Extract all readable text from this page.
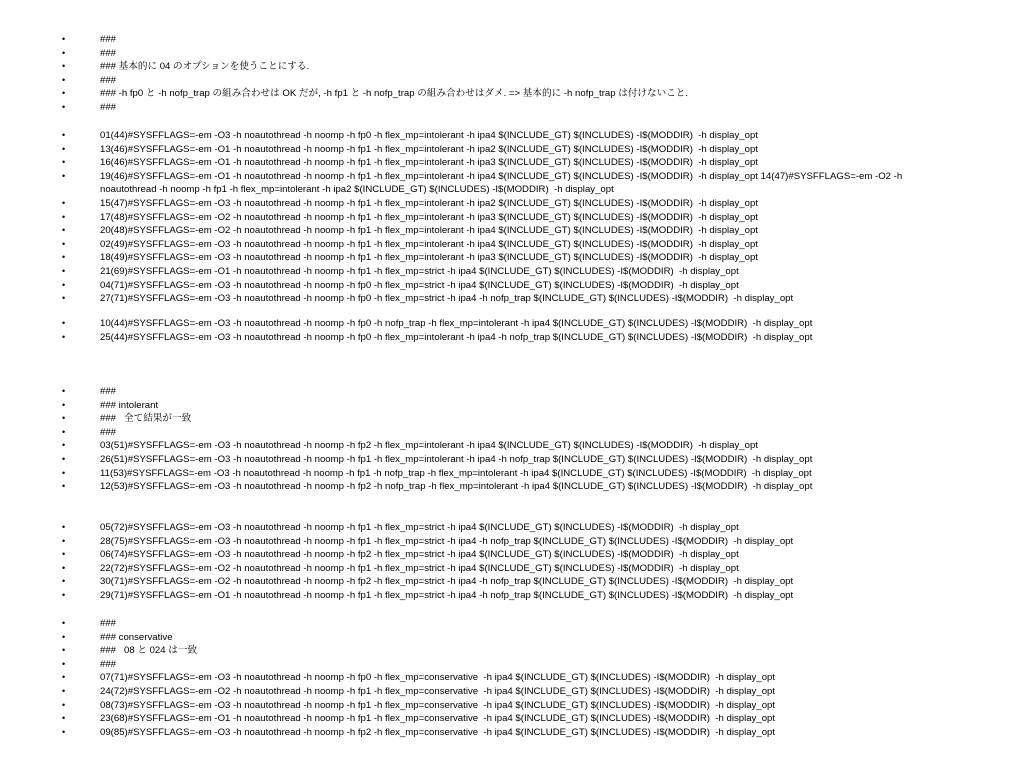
• ###
• ###
• ### 基本的に 04 のオプションを使うことにする.
• ###
• ### -h fp0 と -h nofp_trap の組み合わせは OK だが, -h fp1 と -h nofp_trap の組み合わせはダメ. => 基本的に -h nofp_trap は付けないこと.
• ###
• 01(44)#SYSFFLAGS=-em -O3 -h noautothread -h noomp -h fp0 -h flex_mp=intolerant -h ipa4 $(INCLUDE_GT) $(INCLUDES) -I$(MODDIR)  -h display_opt
• 13(46)#SYSFFLAGS=-em -O1 -h noautothread -h noomp -h fp1 -h flex_mp=intolerant -h ipa2 $(INCLUDE_GT) $(INCLUDES) -I$(MODDIR)  -h display_opt
• 16(46)#SYSFFLAGS=-em -O1 -h noautothread -h noomp -h fp1 -h flex_mp=intolerant -h ipa3 $(INCLUDE_GT) $(INCLUDES) -I$(MODDIR)  -h display_opt
• 19(46)#SYSFFLAGS=-em -O1 -h noautothread -h noomp -h fp1 -h flex_mp=intolerant -h ipa4 $(INCLUDE_GT) $(INCLUDES) -I$(MODDIR)  -h display_opt 14(47)#SYSFFLAGS=-em -O2 -h noautothread -h noomp -h fp1 -h flex_mp=intolerant -h ipa2 $(INCLUDE_GT) $(INCLUDES) -I$(MODDIR)  -h display_opt
• 15(47)#SYSFFLAGS=-em -O3 -h noautothread -h noomp -h fp1 -h flex_mp=intolerant -h ipa2 $(INCLUDE_GT) $(INCLUDES) -I$(MODDIR)  -h display_opt
• 17(48)#SYSFFLAGS=-em -O2 -h noautothread -h noomp -h fp1 -h flex_mp=intolerant -h ipa3 $(INCLUDE_GT) $(INCLUDES) -I$(MODDIR)  -h display_opt
• 20(48)#SYSFFLAGS=-em -O2 -h noautothread -h noomp -h fp1 -h flex_mp=intolerant -h ipa4 $(INCLUDE_GT) $(INCLUDES) -I$(MODDIR)  -h display_opt
• 02(49)#SYSFFLAGS=-em -O3 -h noautothread -h noomp -h fp1 -h flex_mp=intolerant -h ipa4 $(INCLUDE_GT) $(INCLUDES) -I$(MODDIR)  -h display_opt
• 18(49)#SYSFFLAGS=-em -O3 -h noautothread -h noomp -h fp1 -h flex_mp=intolerant -h ipa3 $(INCLUDE_GT) $(INCLUDES) -I$(MODDIR)  -h display_opt
• 21(69)#SYSFFLAGS=-em -O1 -h noautothread -h noomp -h fp1 -h flex_mp=strict -h ipa4 $(INCLUDE_GT) $(INCLUDES) -I$(MODDIR)  -h display_opt
• 04(71)#SYSFFLAGS=-em -O3 -h noautothread -h noomp -h fp0 -h flex_mp=strict -h ipa4 $(INCLUDE_GT) $(INCLUDES) -I$(MODDIR)  -h display_opt
• 27(71)#SYSFFLAGS=-em -O3 -h noautothread -h noomp -h fp0 -h flex_mp=strict -h ipa4 -h nofp_trap $(INCLUDE_GT) $(INCLUDES) -I$(MODDIR)  -h display_opt
• 10(44)#SYSFFLAGS=-em -O3 -h noautothread -h noomp -h fp0 -h nofp_trap -h flex_mp=intolerant -h ipa4 $(INCLUDE_GT) $(INCLUDES) -I$(MODDIR)  -h display_opt
• 25(44)#SYSFFLAGS=-em -O3 -h noautothread -h noomp -h fp0 -h flex_mp=intolerant -h ipa4 -h nofp_trap $(INCLUDE_GT) $(INCLUDES) -I$(MODDIR)  -h display_opt
• ###
• ### intolerant
• ###   全て結果が一致
• ###
• 03(51)#SYSFFLAGS=-em -O3 -h noautothread -h noomp -h fp2 -h flex_mp=intolerant -h ipa4 $(INCLUDE_GT) $(INCLUDES) -I$(MODDIR)  -h display_opt
• 26(51)#SYSFFLAGS=-em -O3 -h noautothread -h noomp -h fp1 -h flex_mp=intolerant -h ipa4 -h nofp_trap $(INCLUDE_GT) $(INCLUDES) -I$(MODDIR)  -h display_opt
• 11(53)#SYSFFLAGS=-em -O3 -h noautothread -h noomp -h fp1 -h nofp_trap -h flex_mp=intolerant -h ipa4 $(INCLUDE_GT) $(INCLUDES) -I$(MODDIR)  -h display_opt
• 12(53)#SYSFFLAGS=-em -O3 -h noautothread -h noomp -h fp2 -h nofp_trap -h flex_mp=intolerant -h ipa4 $(INCLUDE_GT) $(INCLUDES) -I$(MODDIR)  -h display_opt
• 05(72)#SYSFFLAGS=-em -O3 -h noautothread -h noomp -h fp1 -h flex_mp=strict -h ipa4 $(INCLUDE_GT) $(INCLUDES) -I$(MODDIR)  -h display_opt
• 28(75)#SYSFFLAGS=-em -O3 -h noautothread -h noomp -h fp1 -h flex_mp=strict -h ipa4 -h nofp_trap $(INCLUDE_GT) $(INCLUDES) -I$(MODDIR)  -h display_opt
• 06(74)#SYSFFLAGS=-em -O3 -h noautothread -h noomp -h fp2 -h flex_mp=strict -h ipa4 $(INCLUDE_GT) $(INCLUDES) -I$(MODDIR)  -h display_opt
• 22(72)#SYSFFLAGS=-em -O2 -h noautothread -h noomp -h fp1 -h flex_mp=strict -h ipa4 $(INCLUDE_GT) $(INCLUDES) -I$(MODDIR)  -h display_opt
• 30(71)#SYSFFLAGS=-em -O2 -h noautothread -h noomp -h fp2 -h flex_mp=strict -h ipa4 -h nofp_trap $(INCLUDE_GT) $(INCLUDES) -I$(MODDIR)  -h display_opt
• 29(71)#SYSFFLAGS=-em -O1 -h noautothread -h noomp -h fp1 -h flex_mp=strict -h ipa4 -h nofp_trap $(INCLUDE_GT) $(INCLUDES) -I$(MODDIR)  -h display_opt
• ###
• ### conservative
• ###   08 と 024 は一致
• ###
• 07(71)#SYSFFLAGS=-em -O3 -h noautothread -h noomp -h fp0 -h flex_mp=conservative  -h ipa4 $(INCLUDE_GT) $(INCLUDES) -I$(MODDIR)  -h display_opt
• 24(72)#SYSFFLAGS=-em -O2 -h noautothread -h noomp -h fp1 -h flex_mp=conservative  -h ipa4 $(INCLUDE_GT) $(INCLUDES) -I$(MODDIR)  -h display_opt
• 08(73)#SYSFFLAGS=-em -O3 -h noautothread -h noomp -h fp1 -h flex_mp=conservative  -h ipa4 $(INCLUDE_GT) $(INCLUDES) -I$(MODDIR)  -h display_opt
• 23(68)#SYSFFLAGS=-em -O1 -h noautothread -h noomp -h fp1 -h flex_mp=conservative  -h ipa4 $(INCLUDE_GT) $(INCLUDES) -I$(MODDIR)  -h display_opt
• 09(85)#SYSFFLAGS=-em -O3 -h noautothread -h noomp -h fp2 -h flex_mp=conservative  -h ipa4 $(INCLUDE_GT) $(INCLUDES) -I$(MODDIR)  -h display_opt
